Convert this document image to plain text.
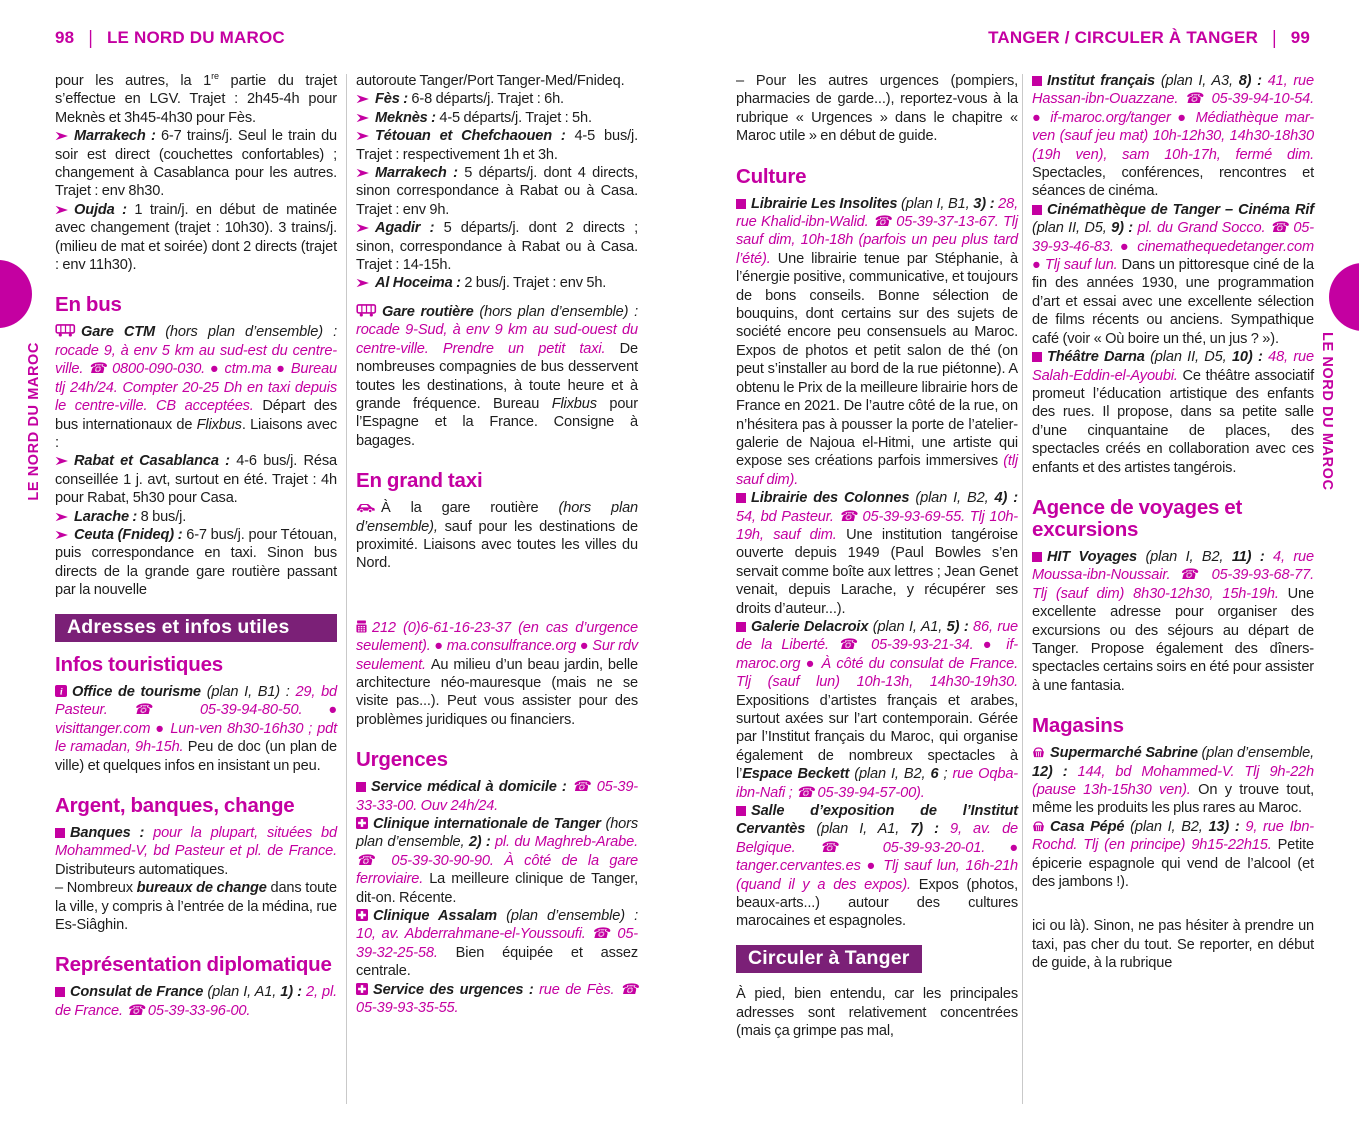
98 | LE NORD DU MAROC	TANGER / CIRCULER À TANGER | 99

pour les autres, la 1re partie du trajet s’effectue en LGV. Trajet : 2h45-4h pour Meknès et 3h45-4h30 pour Fès.

Marrakech : 6-7 trains/j. Seul le train du soir est direct (couchettes confortables) ; changement à Casablanca pour les autres. Trajet : env 8h30.

Oujda : 1 train/j. en début de matinée avec changement (trajet : 10h30). 3 trains/j. (milieu de mat et soirée) dont 2 directs (trajet : env 11h30).

En bus

Gare CTM (hors plan d’ensemble) : rocade 9, à env 5 km au sud-est du centre-ville. ☎ 0800-090-030. ● ctm.ma ● Bureau tlj 24h/24. Compter 20-25 Dh en taxi depuis le centre-ville. CB acceptées. Départ des bus internationaux de Flixbus. Liaisons avec :

Rabat et Casablanca : 4-6 bus/j. Résa conseillée 1 j. avt, surtout en été. Trajet : 4h pour Rabat, 5h30 pour Casa.

Larache : 8 bus/j.

Ceuta (Fnideq) : 6-7 bus/j. pour Tétouan, puis correspondance en taxi. Sinon bus directs de la grande gare routière passant par la nouvelle

Adresses et infos utiles
Infos touristiques

i Office de tourisme (plan I, B1) : 29, bd Pasteur. ☎ 05-39-94-80-50. ● visittanger.com ● Lun-ven 8h30-16h30 ; pdt le ramadan, 9h-15h. Peu de doc (un plan de ville) et quelques infos en insistant un peu.

Argent, banques, change

Banques : pour la plupart, situées bd Mohammed-V, bd Pasteur et pl. de France. Distributeurs automatiques.

– Nombreux bureaux de change dans toute la ville, y compris à l’entrée de la médina, rue Es-Siâghin.

Représentation diplomatique

Consulat de France (plan I, A1, 1) : 2, pl. de France. ☎ 05-39-33-96-00.

autoroute Tanger/Port Tanger-Med/Fnideq.

Fès : 6-8 départs/j. Trajet : 6h.

Meknès : 4-5 départs/j. Trajet : 5h.

Tétouan et Chefchaouen : 4-5 bus/j. Trajet : respectivement 1h et 3h.

Marrakech : 5 départs/j. dont 4 directs, sinon correspondance à Rabat ou à Casa. Trajet : env 9h.

Agadir : 5 départs/j. dont 2 directs ; sinon, correspondance à Rabat ou à Casa. Trajet : 14-15h.

Al Hoceima : 2 bus/j. Trajet : env 5h.

Gare routière (hors plan d’ensemble) : rocade 9-Sud, à env 9 km au sud-ouest du centre-ville. Prendre un petit taxi. De nombreuses compagnies de bus desservent toutes les destinations, à toute heure et à grande fréquence. Bureau Flixbus pour l’Espagne et la France. Consigne à bagages.

En grand taxi

À la gare routière (hors plan d’ensemble), sauf pour les destinations de proximité. Liaisons avec toutes les villes du Nord.

212 (0)6-61-16-23-37 (en cas d’urgence seulement). ● ma.consulfrance.org ● Sur rdv seulement. Au milieu d’un beau jardin, belle architecture néo-mauresque (mais ne se visite pas...). Peut vous assister pour des problèmes juridiques ou financiers.

Urgences

Service médical à domicile : ☎ 05-39-33-33-00. Ouv 24h/24.

Clinique internationale de Tanger (hors plan d’ensemble, 2) : pl. du Maghreb-Arabe. ☎ 05-39-30-90-90. À côté de la gare ferroviaire. La meilleure clinique de Tanger, dit-on. Récente.

Clinique Assalam (plan d’ensemble) : 10, av. Abderrahmane-el-Youssoufi. ☎ 05-39-32-25-58. Bien équipée et assez centrale.

Service des urgences : rue de Fès. ☎ 05-39-93-35-55.

– Pour les autres urgences (pompiers, pharmacies de garde...), reportez-vous à la rubrique « Urgences » dans le chapitre « Maroc utile » en début de guide.

Culture

Librairie Les Insolites (plan I, B1, 3) : 28, rue Khalid-ibn-Walid. ☎ 05-39-37-13-67. Tlj sauf dim, 10h-18h (parfois un peu plus tard l’été). Une librairie tenue par Stéphanie, à l’énergie positive, communicative, et toujours de bons conseils. Bonne sélection de bouquins, dont certains sur des sujets de société encore peu consensuels au Maroc. Expos de photos et petit salon de thé (on peut s’installer au bord de la rue piétonne). A obtenu le Prix de la meilleure librairie hors de France en 2021. De l’autre côté de la rue, on n’hésitera pas à pousser la porte de l’atelier-galerie de Najoua el-Hitmi, une artiste qui expose ses créations parfois immersives (tlj sauf dim).

Librairie des Colonnes (plan I, B2, 4) : 54, bd Pasteur. ☎ 05-39-93-69-55. Tlj 10h-19h, sauf dim. Une institution tangéroise ouverte depuis 1949 (Paul Bowles s’en servait comme boîte aux lettres ; Jean Genet venait, depuis Larache, y récupérer ses droits d’auteur...).

Galerie Delacroix (plan I, A1, 5) : 86, rue de la Liberté. ☎ 05-39-93-21-34. ● if-maroc.org ● À côté du consulat de France. Tlj (sauf lun) 10h-13h, 14h30-19h30. Expositions d’artistes français et arabes, surtout axées sur l’art contemporain. Gérée par l’Institut français du Maroc, qui organise également de nombreux spectacles à l’Espace Beckett (plan I, B2, 6 ; rue Oqba-ibn-Nafi ; ☎ 05-39-94-57-00).

Salle d’exposition de l’Institut Cervantès (plan I, A1, 7) : 9, av. de Belgique. ☎ 05-39-93-20-01. ● tanger.cervantes.es ● Tlj sauf lun, 16h-21h (quand il y a des expos). Expos (photos, beaux-arts...) autour des cultures marocaines et espagnoles.

Circuler à Tanger

À pied, bien entendu, car les principales adresses sont relativement concentrées (mais ça grimpe pas mal,

Institut français (plan I, A3, 8) : 41, rue Hassan-ibn-Ouazzane. ☎ 05-39-94-10-54. ● if-maroc.org/tanger ● Médiathèque mar-ven (sauf jeu mat) 10h-12h30, 14h30-18h30 (19h ven), sam 10h-17h, fermé dim. Spectacles, conférences, rencontres et séances de cinéma.

Cinémathèque de Tanger – Cinéma Rif (plan II, D5, 9) : pl. du Grand Socco. ☎ 05-39-93-46-83. ● cinemathequedetanger.com ● Tlj sauf lun. Dans un pittoresque ciné de la fin des années 1930, une programmation d’art et essai avec une excellente sélection de films récents ou anciens. Sympathique café (voir « Où boire un thé, un jus ? »).

Théâtre Darna (plan II, D5, 10) : 48, rue Salah-Eddin-el-Ayoubi. Ce théâtre associatif promeut l’éducation artistique des enfants des rues. Il propose, dans sa petite salle d’une cinquantaine de places, des spectacles créés en collaboration avec ces enfants et des artistes tangérois.

Agence de voyages et excursions

HIT Voyages (plan I, B2, 11) : 4, rue Moussa-ibn-Noussair. ☎ 05-39-93-68-77. Tlj (sauf dim) 8h30-12h30, 15h-19h. Une excellente adresse pour organiser des excursions ou des séjours au départ de Tanger. Propose également des dîners-spectacles certains soirs en été pour assister à une fantasia.

Magasins

Supermarché Sabrine (plan d’ensemble, 12) : 144, bd Mohammed-V. Tlj 9h-22h (pause 13h-15h30 ven). On y trouve tout, même les produits les plus rares au Maroc.

Casa Pépé (plan I, B2, 13) : 9, rue Ibn-Rochd. Tlj (en principe) 9h15-22h15. Petite épicerie espagnole qui vend de l’alcool (et des jambons !).

ici ou là). Sinon, ne pas hésiter à prendre un taxi, pas cher du tout. Se reporter, en début de guide, à la rubrique

LE NORD DU MAROC	LE NORD DU MAROC
